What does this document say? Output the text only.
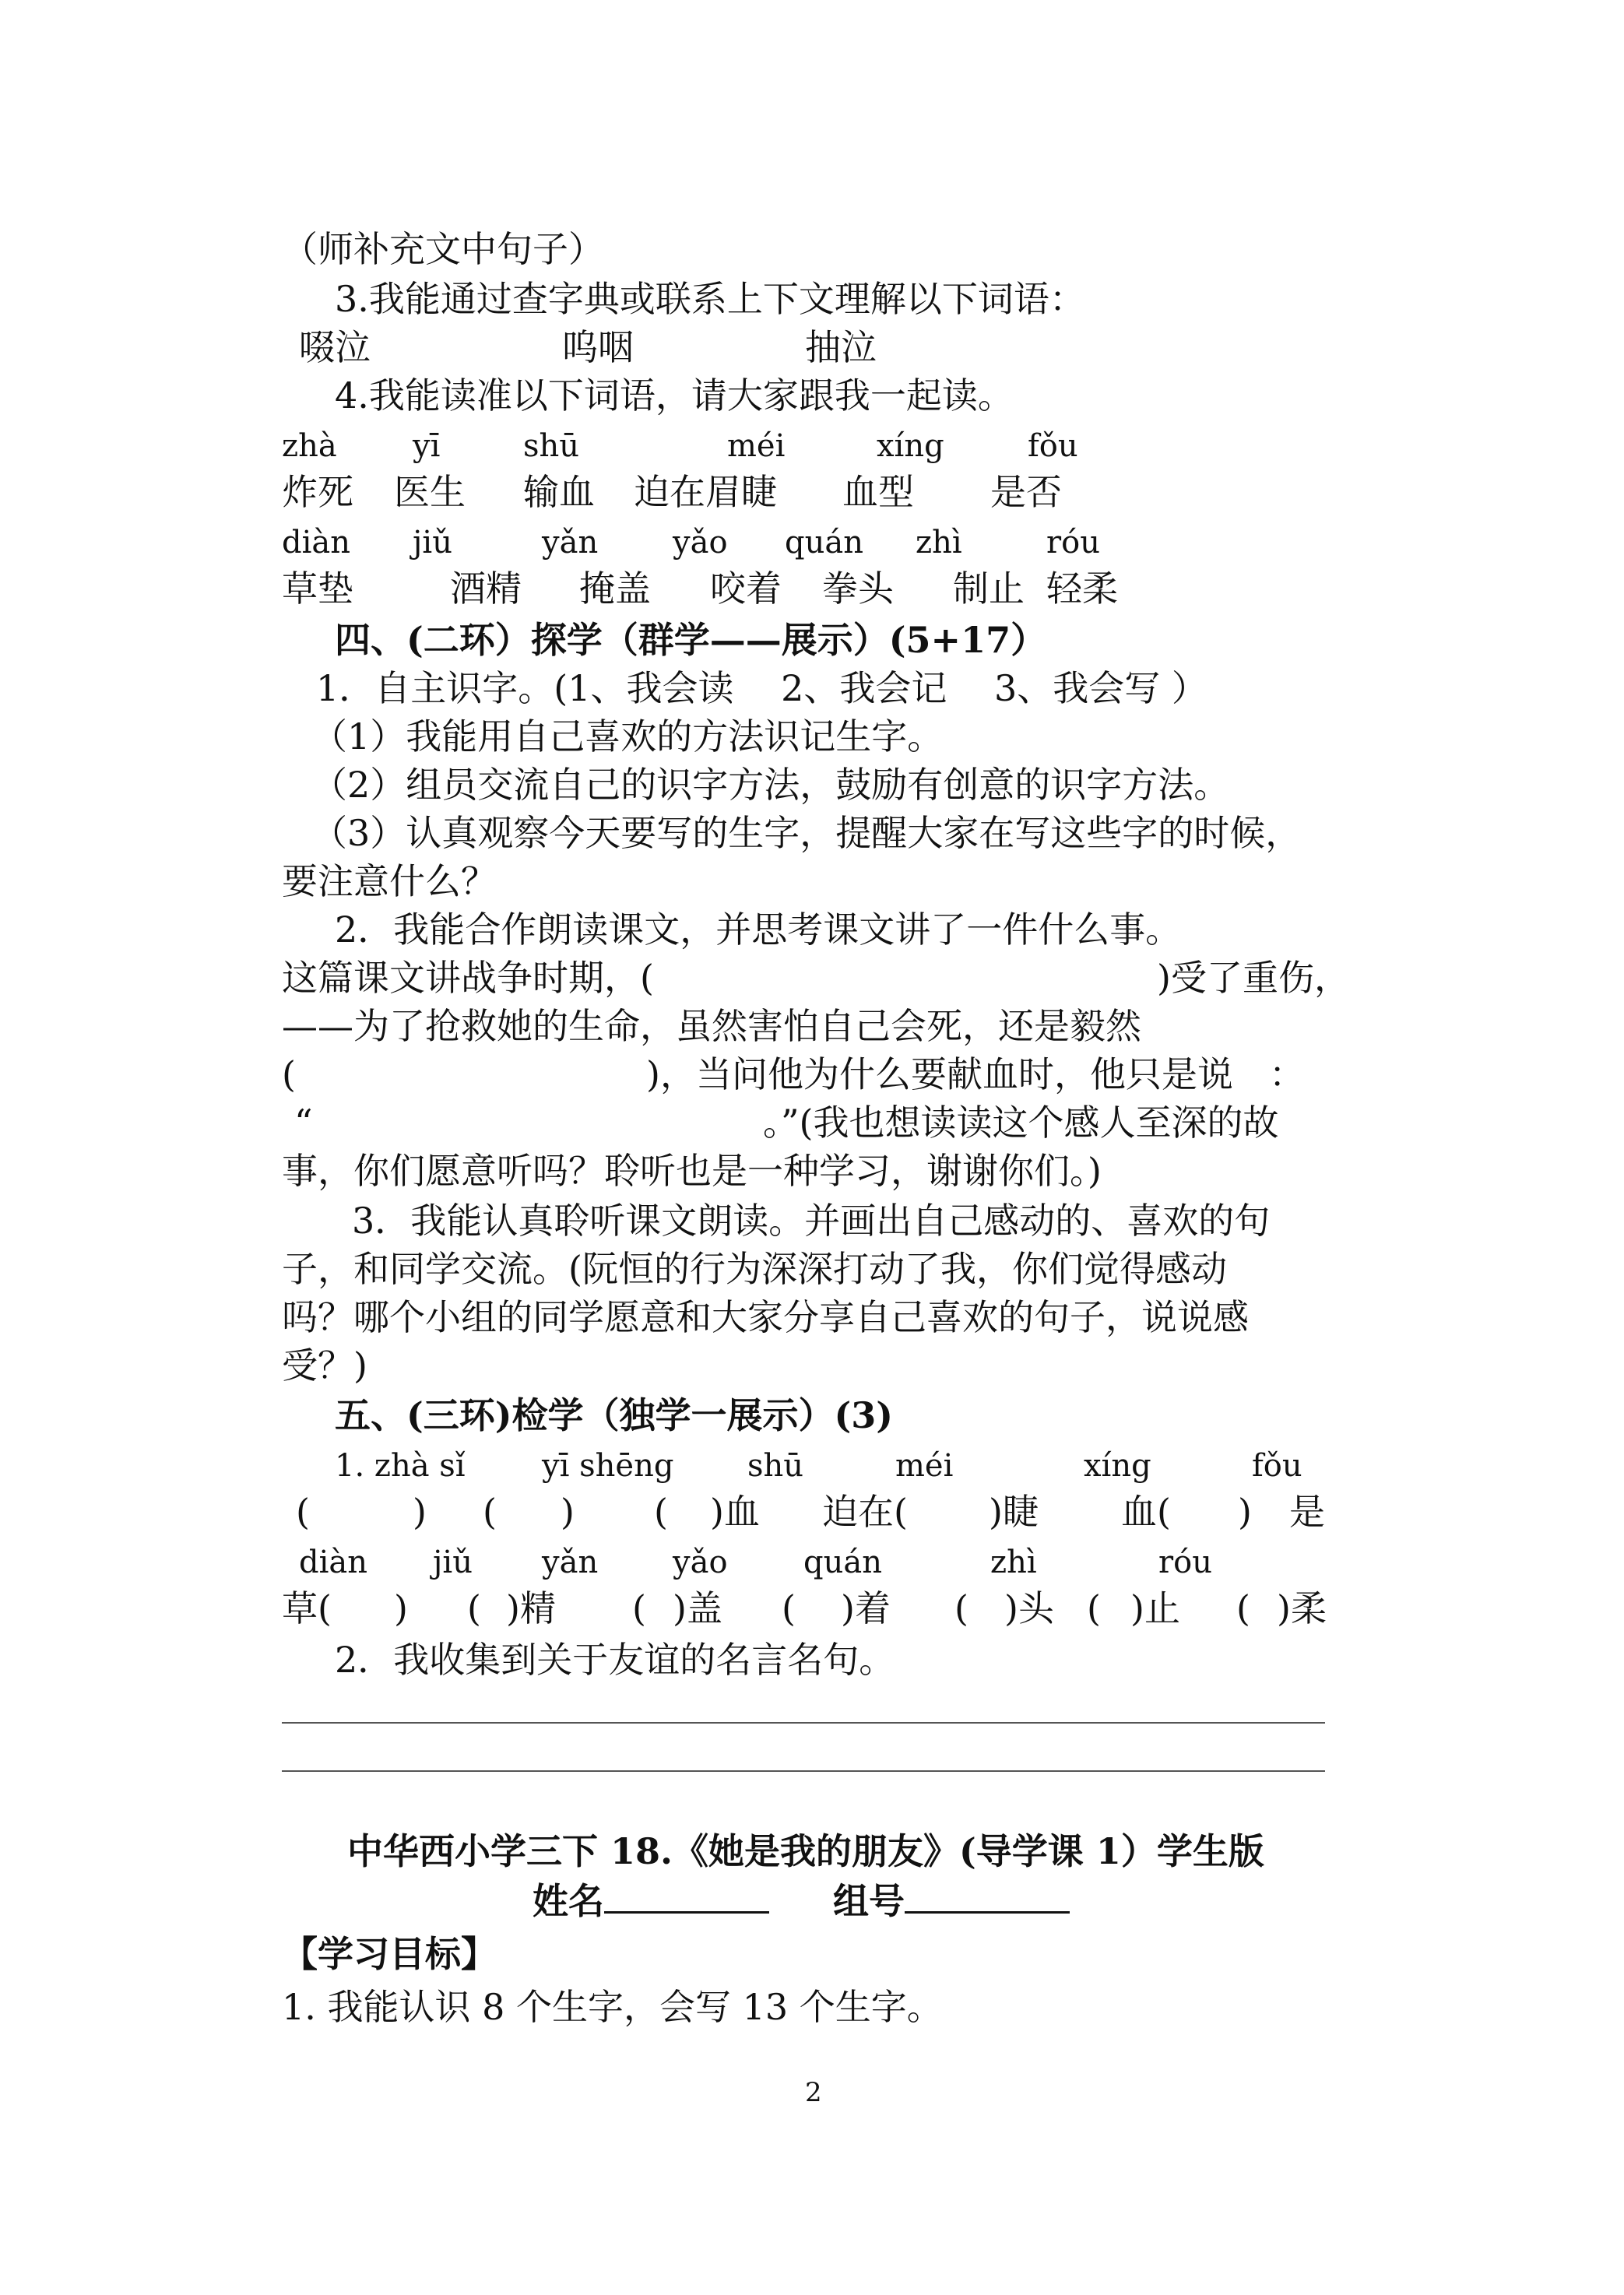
（师补充文中句子）
3.我能通过查字典或联系上下文理解以下词语：
啜泣	呜咽	抽泣
4.我能读准以下词语，请大家跟我一起读。
zhà yī	shū	méi	xíng	fǒu
炸死 医生 输血 迫在眉睫 血型 是否
diàn jiǔ	yǎn yǎo quán zhì	róu
草垫	酒精 掩盖 咬着 拳头 制止 轻柔
四、(二环）探学（群学——展示）(5+17）
1．自主识字。(1、我会读　 2、我会记 　3、我会写 ）
（1）我能用自己喜欢的方法识记生字。
（2）组员交流自己的识字方法，鼓励有创意的识字方法。
（3）认真观察今天要写的生字，提醒大家在写这些字的时候，
要注意什么？
2．我能合作朗读课文，并思考课文讲了一件什么事。
这篇课文讲战争时期，(	)受了重伤，
——为了抢救她的生命，虽然害怕自己会死，还是毅然
(	)，当问他为什么要献血时，他只是说　：
“	。”(我也想读读这个感人至深的故
事，你们愿意听吗？聆听也是一种学习，谢谢你们。)
3．我能认真聆听课文朗读。并画出自己感动的、喜欢的句
子，和同学交流。(阮恒的行为深深打动了我，你们觉得感动
吗？哪个小组的同学愿意和大家分享自己喜欢的句子，说说感
受？)
五、(三环)检学（独学一展示）(3)
1. zhà sǐ yī shēng shū	méi	xíng	fǒu
(	) ( ) ( )血 迫在( )睫 血( ) 是
diàn jiǔ yǎn yǎo quán	zhì	róu
草( ) ( )精 ( )盖 ( )着 ( )头 ( )止 ( )柔
2．我收集到关于友谊的名言名句。
中华西小学三下 18.《她是我的朋友》(导学课 1）学生版
姓名	组号
【学习目标】
1. 我能认识 8 个生字，会写 13 个生字。
2
